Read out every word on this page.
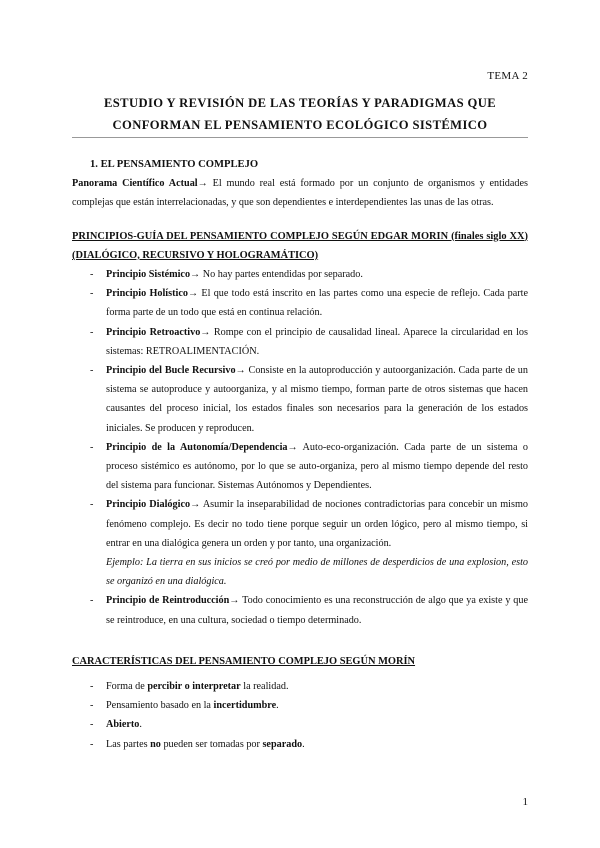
TEMA 2
ESTUDIO Y REVISIÓN DE LAS TEORÍAS Y PARADIGMAS QUE
CONFORMAN EL PENSAMIENTO ECOLÓGICO SISTÉMICO

1. EL PENSAMIENTO COMPLEJO

Panorama Científico Actual→ El mundo real está formado por un conjunto de organismos y entidades complejas que están interrelacionadas, y que son dependientes e interdependientes las unas de las otras.

PRINCIPIOS-GUÍA DEL PENSAMIENTO COMPLEJO SEGÚN EDGAR MORIN (finales siglo XX) (DIALÓGICO, RECURSIVO Y HOLOGRAMÁTICO)

- Principio Sistémico→ No hay partes entendidas por separado.
- Principio Holístico→ El que todo está inscrito en las partes como una especie de reflejo. Cada parte forma parte de un todo que está en continua relación.
- Principio Retroactivo→ Rompe con el principio de causalidad lineal. Aparece la circularidad en los sistemas: RETROALIMENTACIÓN.
- Principio del Bucle Recursivo→ Consiste en la autoproducción y autoorganización. Cada parte de un sistema se autoproduce y autoorganiza, y al mismo tiempo, forman parte de otros sistemas que hacen causantes del proceso inicial, los estados finales son necesarios para la generación de los estados iniciales. Se producen y reproducen.
- Principio de la Autonomía/Dependencia→ Auto-eco-organización. Cada parte de un sistema o proceso sistémico es autónomo, por lo que se auto-organiza, pero al mismo tiempo depende del resto del sistema para funcionar. Sistemas Autónomos y Dependientes.
- Principio Dialógico→ Asumir la inseparabilidad de nociones contradictorias para concebir un mismo fenómeno complejo. Es decir no todo tiene porque seguir un orden lógico, pero al mismo tiempo, si entrar en una dialógica genera un orden y por tanto, una organización.
Ejemplo: La tierra en sus inicios se creó por medio de millones de desperdicios de una explosion, esto se organizó en una dialógica.
- Principio de Reintroducción→ Todo conocimiento es una reconstrucción de algo que ya existe y que se reintroduce, en una cultura, sociedad o tiempo determinado.

CARACTERÍSTICAS DEL PENSAMIENTO COMPLEJO SEGÚN MORÍN

- Forma de percibir o interpretar la realidad.
- Pensamiento basado en la incertidumbre.
- Abierto.
- Las partes no pueden ser tomadas por separado.
1
